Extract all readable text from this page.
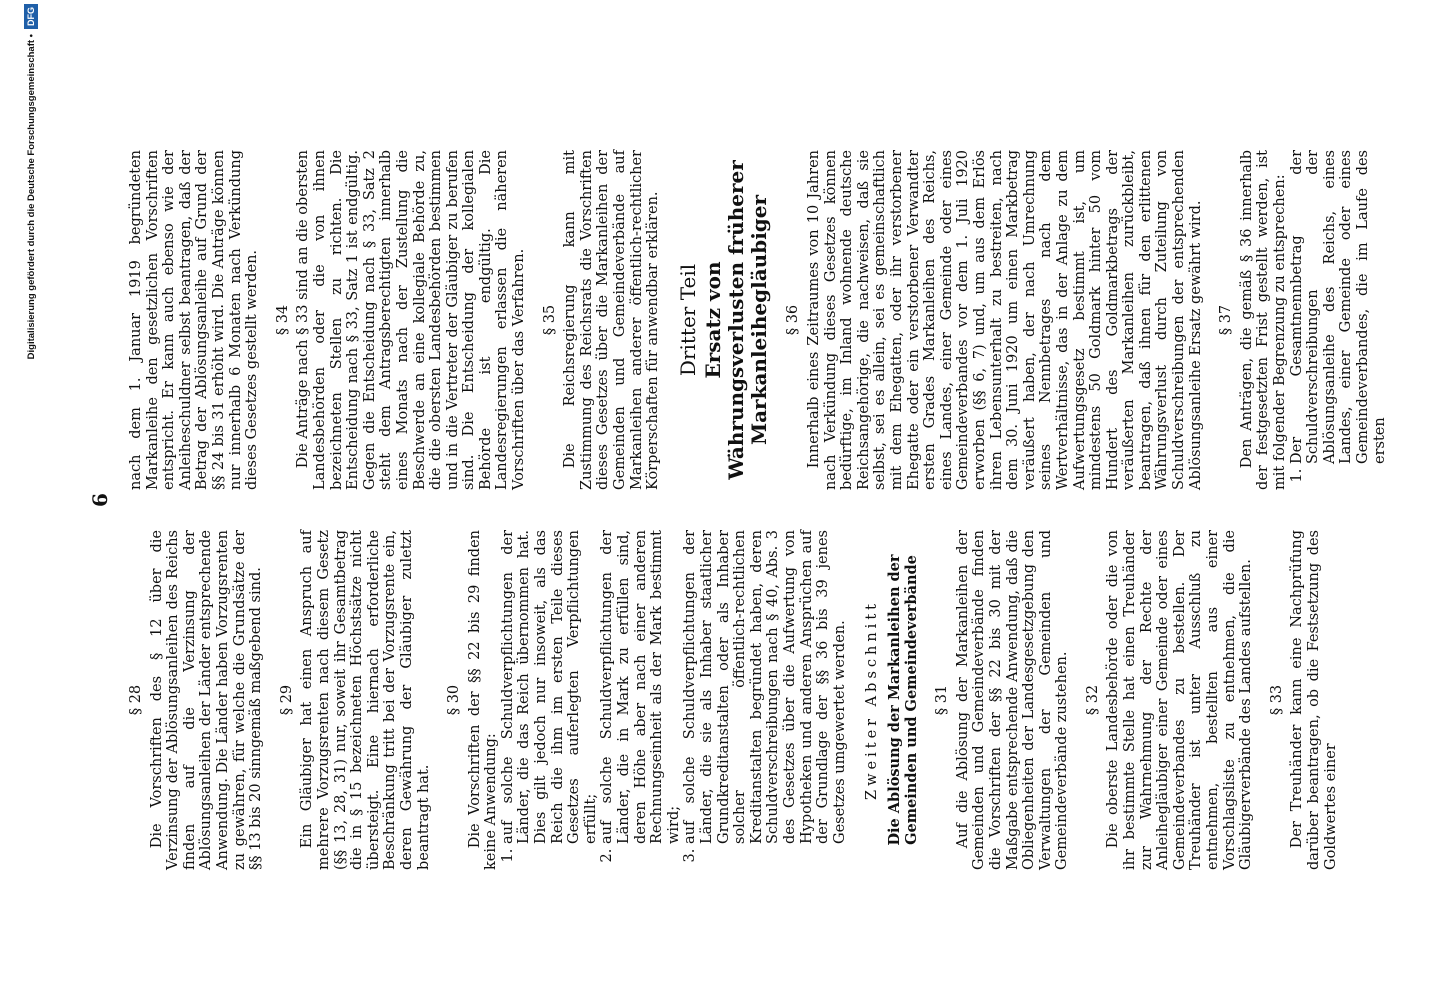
6
§ 28 Die Vorschriften des § 12 über die Verzinsung der Ablösungsanleihen des Reichs finden auf die Verzinsung der Ablösungsanleihen der Länder entsprechende Anwendung. Die Länder haben Vorzugsrenten zu gewähren, für welche die Grundsätze der §§ 13 bis 20 sinngemäß maßgebend sind. § 29 Ein Gläubiger hat einen Anspruch auf mehrere Vorzugsrenten nach diesem Gesetz (§§ 13, 28, 31) nur, soweit ihr Gesamtbetrag die in § 15 bezeichneten Höchstsätze nicht übersteigt. Eine hiernach erforderliche Beschränkung tritt bei der Vorzugsrente ein, deren Gewährung der Gläubiger zuletzt beantragt hat.

§ 30 Die Vorschriften der §§ 22 bis 29 finden keine Anwendung: 1. auf solche Schuldverpflichtungen der Länder, die das Reich übernommen hat. Dies gilt jedoch nur insoweit, als das Reich die ihm im ersten Teile dieses Gesetzes auferlegten Verpflichtungen erfüllt; 2. auf solche Schuldverpflichtungen der Länder, die in Mark zu erfüllen sind, deren Höhe aber nach einer anderen Rechnungseinheit als der Mark bestimmt wird; 3. auf solche Schuldverpflichtungen der Länder, die sie als Inhaber staatlicher Grundkreditanstalten oder als Inhaber solcher öffentlich-rechtlichen Kreditanstalten begründet haben, deren Schuldverschreibungen nach § 40, Abs. 3 des Gesetzes über die Aufwertung von Hypotheken und anderen Ansprüchen auf der Grundlage der §§ 36 bis 39 jenes Gesetzes umgewertet werden. Zweiter Abschnitt Die Ablösung der Markanleihen der Gemeinden und Gemeindeverbände § 31 Auf die Ablösung der Markanleihen der Gemeinden und Gemeindeverbände finden die Vorschriften der §§ 22 bis 30 mit der Maßgabe entsprechende Anwendung, daß die Obliegenheiten der Landesgesetzgebung den Verwaltungen der Gemeinden und Gemeindeverbände zustehen. § 32 Die oberste Landesbehörde oder die von ihr bestimmte Stelle hat einen Treuhänder zur Wahrnehmung der Rechte der Anleihegläubiger einer Gemeinde oder eines Gemeindeverbandes zu bestellen. Der Treuhänder ist unter Ausschluß zu entnehmen, bestellten aus einer Vorschlagsliste zu entnehmen, die die Gläubigerverbände des Landes aufstellen. § 33 Der Treuhänder kann eine Nachprüfung darüber beantragen, ob die Festsetzung des Goldwertes einer

nach dem 1. Januar 1919 begründeten Markanleihe den gesetzlichen Vorschriften entspricht. Er kann auch ebenso wie der Anleiheschuldner selbst beantragen, daß der Betrag der Ablösungsanleihe auf Grund der §§ 24 bis 31 erhöht wird. Die Anträge können nur innerhalb 6 Monaten nach Verkündung dieses Gesetzes gestellt werden. § 34 Die Anträge nach § 33 sind an die obersten Landesbehörden oder die von ihnen bezeichneten Stellen zu richten. Die Entscheidung nach § 33, Satz 1 ist endgültig. Gegen die Entscheidung nach § 33, Satz 2 steht dem Antragsberechtigten innerhalb eines Monats nach der Zustellung die Beschwerde an eine kollegiale Behörde zu, die die obersten Landesbehörden bestimmen und in die Vertreter der Gläubiger zu berufen sind. Die Entscheidung der kollegialen Behörde ist endgültig. Die Landesregierungen erlassen die näheren Vorschriften über das Verfahren. § 35 Die Reichsregierung kann mit Zustimmung des Reichsrats die Vorschriften dieses Gesetzes über die Markanleihen der Gemeinden und Gemeindeverbände auf Markanleihen anderer öffentlich-rechtlicher Körperschaften für anwendbar erklären. Dritter Teil Ersatz von Währungsverlusten früherer Markanleihegläubiger § 36 Innerhalb eines Zeitraumes von 10 Jahren nach Verkündung dieses Gesetzes können bedürftige, im Inland wohnende deutsche Reichsangehörige, die nachweisen, daß sie selbst, sei es allein, sei es gemeinschaftlich mit dem Ehegatten, oder ihr verstorbener Ehegatte oder ein verstorbener Verwandter ersten Grades Markanleihen des Reichs, eines Landes, einer Gemeinde oder eines Gemeindeverbandes vor dem 1. Juli 1920 erworben (§§ 6, 7) und, um aus dem Erlös ihren Lebensunterhalt zu bestreiten, nach dem 30. Juni 1920 um einen Markbetrag veräußert haben, der nach Umrechnung seines Nennbetrages nach dem Wertverhältnisse, das in der Anlage zu dem Aufwertungsgesetz bestimmt ist, um mindestens 50 Goldmark hinter 50 vom Hundert des Goldmarkbetrags der veräußerten Markanleihen zurückbleibt, beantragen, daß ihnen für den erlittenen Währungsverlust durch Zuteilung von Schuldverschreibungen der entsprechenden Ablösungsanleihe Ersatz gewährt wird. § 37 Den Anträgen, die gemäß § 36 innerhalb der festgesetzten Frist gestellt werden, ist mit folgender Begrenzung zu entsprechen: 1. Der Gesamtnennbetrag der Schuldverschreibungen der Ablösungsanleihe des Reichs, eines Landes, einer Gemeinde oder eines Gemeindeverbandes, die im Laufe des ersten
Digitalisierung gefördert durch die Deutsche Forschungsgemeinschaft •
DFG
